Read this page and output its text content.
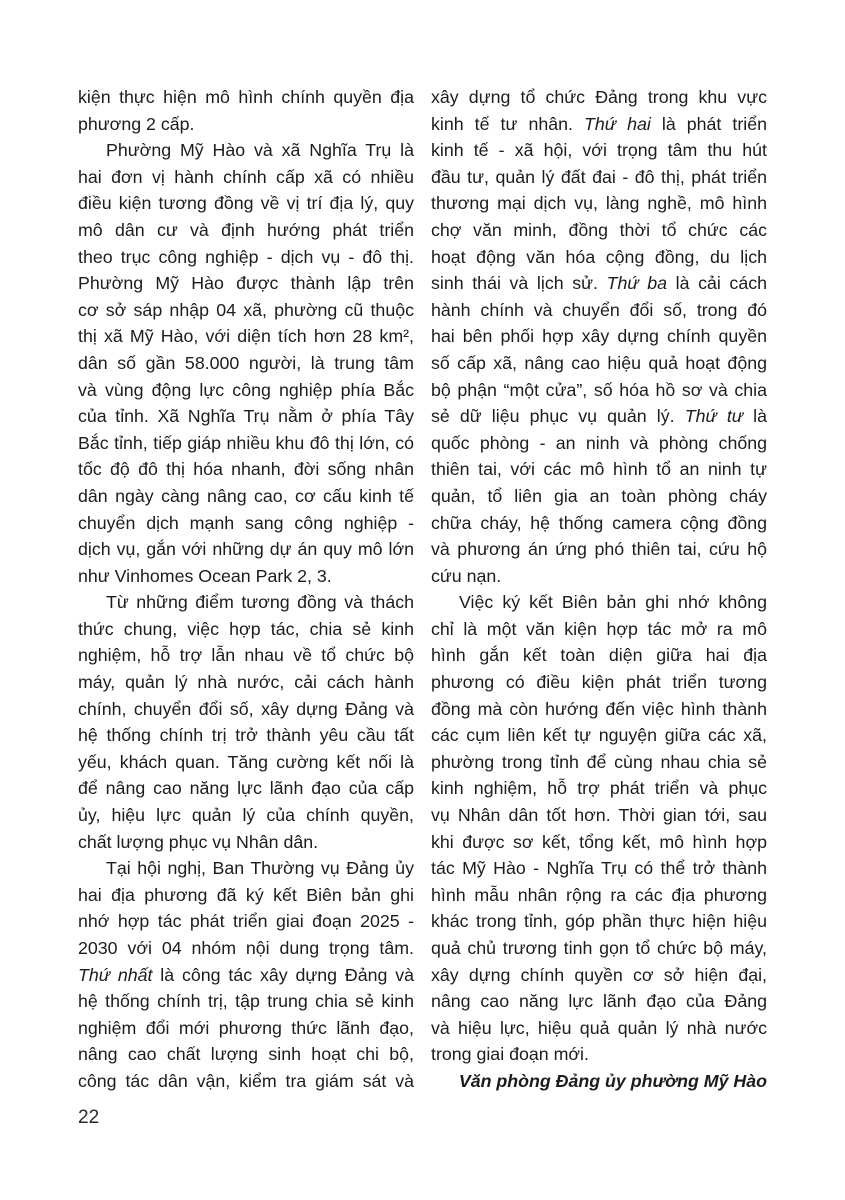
kiện thực hiện mô hình chính quyền địa
phương 2 cấp.
Phường Mỹ Hào và xã Nghĩa Trụ là
hai đơn vị hành chính cấp xã có nhiều
điều kiện tương đồng về vị trí địa lý, quy
mô dân cư và định hướng phát triển
theo trục công nghiệp - dịch vụ - đô thị.
Phường Mỹ Hào được thành lập trên
cơ sở sáp nhập 04 xã, phường cũ thuộc
thị xã Mỹ Hào, với diện tích hơn 28 km²,
dân số gần 58.000 người, là trung tâm
và vùng động lực công nghiệp phía Bắc
của tỉnh. Xã Nghĩa Trụ nằm ở phía Tây
Bắc tỉnh, tiếp giáp nhiều khu đô thị lớn, có
tốc độ đô thị hóa nhanh, đời sống nhân
dân ngày càng nâng cao, cơ cấu kinh tế
chuyển dịch mạnh sang công nghiệp -
dịch vụ, gắn với những dự án quy mô lớn
như Vinhomes Ocean Park 2, 3.
Từ những điểm tương đồng và thách
thức chung, việc hợp tác, chia sẻ kinh
nghiệm, hỗ trợ lẫn nhau về tổ chức bộ
máy, quản lý nhà nước, cải cách hành
chính, chuyển đổi số, xây dựng Đảng và
hệ thống chính trị trở thành yêu cầu tất
yếu, khách quan. Tăng cường kết nối là
để nâng cao năng lực lãnh đạo của cấp
ủy, hiệu lực quản lý của chính quyền,
chất lượng phục vụ Nhân dân.
Tại hội nghị, Ban Thường vụ Đảng ủy
hai địa phương đã ký kết Biên bản ghi
nhớ hợp tác phát triển giai đoạn 2025 -
2030 với 04 nhóm nội dung trọng tâm.
Thứ nhất là công tác xây dựng Đảng và
hệ thống chính trị, tập trung chia sẻ kinh
nghiệm đổi mới phương thức lãnh đạo,
nâng cao chất lượng sinh hoạt chi bộ,
công tác dân vận, kiểm tra giám sát và
xây dựng tổ chức Đảng trong khu vực
kinh tế tư nhân. Thứ hai là phát triển
kinh tế - xã hội, với trọng tâm thu hút
đầu tư, quản lý đất đai - đô thị, phát triển
thương mại dịch vụ, làng nghề, mô hình
chợ văn minh, đồng thời tổ chức các
hoạt động văn hóa cộng đồng, du lịch
sinh thái và lịch sử. Thứ ba là cải cách
hành chính và chuyển đổi số, trong đó
hai bên phối hợp xây dựng chính quyền
số cấp xã, nâng cao hiệu quả hoạt động
bộ phận “một cửa”, số hóa hồ sơ và chia
sẻ dữ liệu phục vụ quản lý. Thứ tư là
quốc phòng - an ninh và phòng chống
thiên tai, với các mô hình tổ an ninh tự
quản, tổ liên gia an toàn phòng cháy
chữa cháy, hệ thống camera cộng đồng
và phương án ứng phó thiên tai, cứu hộ
cứu nạn.
Việc ký kết Biên bản ghi nhớ không
chỉ là một văn kiện hợp tác mở ra mô
hình gắn kết toàn diện giữa hai địa
phương có điều kiện phát triển tương
đồng mà còn hướng đến việc hình thành
các cụm liên kết tự nguyện giữa các xã,
phường trong tỉnh để cùng nhau chia sẻ
kinh nghiệm, hỗ trợ phát triển và phục
vụ Nhân dân tốt hơn. Thời gian tới, sau
khi được sơ kết, tổng kết, mô hình hợp
tác Mỹ Hào - Nghĩa Trụ có thể trở thành
hình mẫu nhân rộng ra các địa phương
khác trong tỉnh, góp phần thực hiện hiệu
quả chủ trương tinh gọn tổ chức bộ máy,
xây dựng chính quyền cơ sở hiện đại,
nâng cao năng lực lãnh đạo của Đảng
và hiệu lực, hiệu quả quản lý nhà nước
trong giai đoạn mới.
Văn phòng Đảng ủy phường Mỹ Hào
22
